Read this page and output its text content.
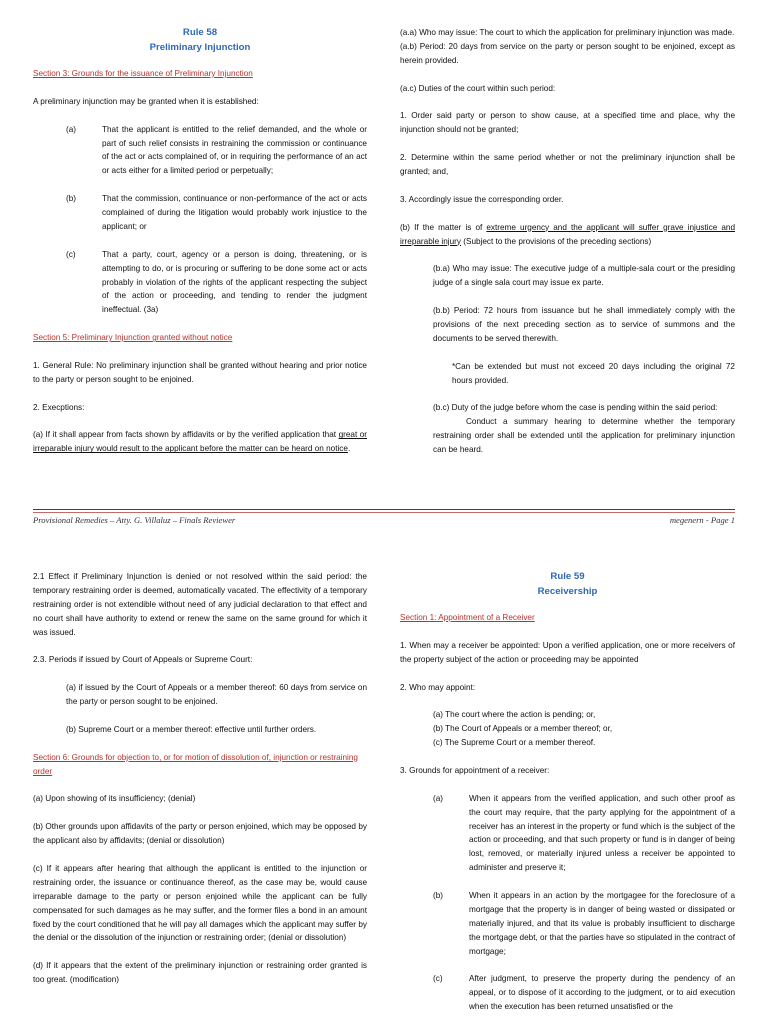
Rule 58
Preliminary Injunction

Section 3: Grounds for the issuance of Preliminary Injunction

A preliminary injunction may be granted when it is established:

(a)	That the applicant is entitled to the relief demanded, and the whole or part of such relief consists in restraining the commission or continuance of the act or acts complained of, or in requiring the performance of an act or acts either for a limited period or perpetually;

(b)	That the commission, continuance or non-performance of the act or acts complained of during the litigation would probably work injustice to the applicant; or

(c)	That a party, court, agency or a person is doing, threatening, or is attempting to do, or is procuring or suffering to be done some act or acts probably in violation of the rights of the applicant respecting the subject of the action or proceeding, and tending to render the judgment ineffectual. (3a)

Section 5: Preliminary Injunction granted without notice

1. General Rule: No preliminary injunction shall be granted without hearing and prior notice to the party or person sought to be enjoined.

2. Execptions:

(a) If it shall appear from facts shown by affidavits or by the verified application that great or irreparable injury would result to the applicant before the matter can be heard on notice.

(a.a) Who may issue: The court to which the application for preliminary injunction was made.

(a.b) Period: 20 days from service on the party or person sought to be enjoined, except as herein provided.

(a.c) Duties of the court within such period:

1. Order said party or person to show cause, at a specified time and place, why the injunction should not be granted;

2. Determine within the same period whether or not the preliminary injunction shall be granted; and,

3. Accordingly issue the corresponding order.

(b) If the matter is of extreme urgency and the applicant will suffer grave injustice and irreparable injury (Subject to the provisions of the preceding sections)

(b.a) Who may issue: The executive judge of a multiple-sala court or the presiding judge of a single sala court may issue ex parte.

(b.b) Period: 72 hours from issuance but he shall immediately comply with the provisions of the next preceding section as to service of summons and the documents to be served therewith.

*Can be extended but must not exceed 20 days including the original 72 hours provided.

(b.c) Duty of the judge before whom the case is pending within the said period:

Conduct a summary hearing to determine whether the temporary restraining order shall be extended until the application for preliminary injunction can be heard.

Provisional Remedies – Atty. G. Villaluz – Finals Reviewer	megenern - Page 1

2.1 Effect if Preliminary Injunction is denied or not resolved within the said period: the temporary restraining order is deemed, automatically vacated. The effectivity of a temporary restraining order is not extendible without need of any judicial declaration to that effect and no court shall have authority to extend or renew the same on the same ground for which it was issued.

2.3. Periods if issued by Court of Appeals or Supreme Court:

(a) if issued by the Court of Appeals or a member thereof: 60 days from service on the party or person sought to be enjoined.

(b) Supreme Court or a member thereof: effective until further orders.

Section 6: Grounds for objection to, or for motion of dissolution of, injunction or restraining order

(a) Upon showing of its insufficiency; (denial)

(b) Other grounds upon affidavits of the party or person enjoined, which may be opposed by the applicant also by affidavits; (denial or dissolution)

(c) If it appears after hearing that although the applicant is entitled to the injunction or restraining order, the issuance or continuance thereof, as the case may be, would cause irreparable damage to the party or person enjoined while the applicant can be fully compensated for such damages as he may suffer, and the former files a bond in an amount fixed by the court conditioned that he will pay all damages which the applicant may suffer by the denial or the dissolution of the injunction or restraining order; (denial or dissolution)

(d) If it appears that the extent of the preliminary injunction or restraining order granted is too great. (modification)

Rule 59
Receivership

Section 1: Appointment of a Receiver

1. When may a receiver be appointed: Upon a verified application, one or more receivers of the property subject of the action or proceeding may be appointed

2. Who may appoint:

(a) The court where the action is pending; or,
(b) The Court of Appeals or a member thereof; or,
(c) The Supreme Court or a member thereof.

3. Grounds for appointment of a receiver:

(a)	When it appears from the verified application, and such other proof as the court may require, that the party applying for the appointment of a receiver has an interest in the property or fund which is the subject of the action or proceeding, and that such property or fund is in danger of being lost, removed, or materially injured unless a receiver be appointed to administer and preserve it;

(b)	When it appears in an action by the mortgagee for the foreclosure of a mortgage that the property is in danger of being wasted or dissipated or materially injured, and that its value is probably insufficient to discharge the mortgage debt, or that the parties have so stipulated in the contract of mortgage;

(c)	After judgment, to preserve the property during the pendency of an appeal, or to dispose of it according to the judgment, or to aid execution when the execution has been returned unsatisfied or the
